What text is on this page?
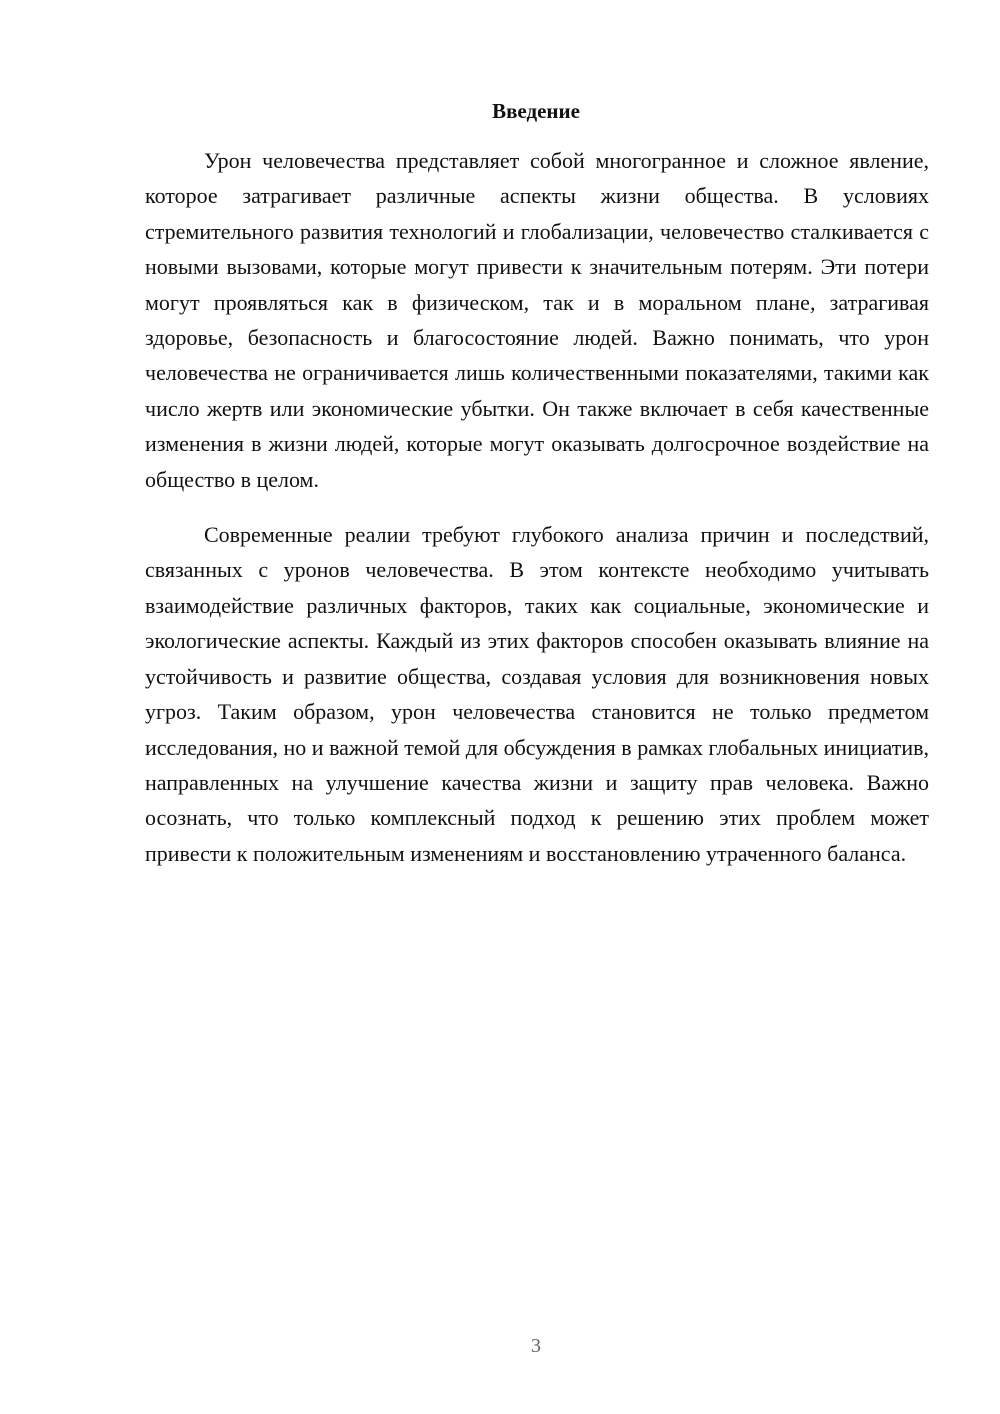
Введение

Урон человечества представляет собой многогранное и сложное явление, которое затрагивает различные аспекты жизни общества. В условиях стремительного развития технологий и глобализации, человечество сталкивается с новыми вызовами, которые могут привести к значительным потерям. Эти потери могут проявляться как в физическом, так и в моральном плане, затрагивая здоровье, безопасность и благосостояние людей. Важно понимать, что урон человечества не ограничивается лишь количественными показателями, такими как число жертв или экономические убытки. Он также включает в себя качественные изменения в жизни людей, которые могут оказывать долгосрочное воздействие на общество в целом.

Современные реалии требуют глубокого анализа причин и последствий, связанных с уронов человечества. В этом контексте необходимо учитывать взаимодействие различных факторов, таких как социальные, экономические и экологические аспекты. Каждый из этих факторов способен оказывать влияние на устойчивость и развитие общества, создавая условия для возникновения новых угроз. Таким образом, урон человечества становится не только предметом исследования, но и важной темой для обсуждения в рамках глобальных инициатив, направленных на улучшение качества жизни и защиту прав человека. Важно осознать, что только комплексный подход к решению этих проблем может привести к положительным изменениям и восстановлению утраченного баланса.

3
